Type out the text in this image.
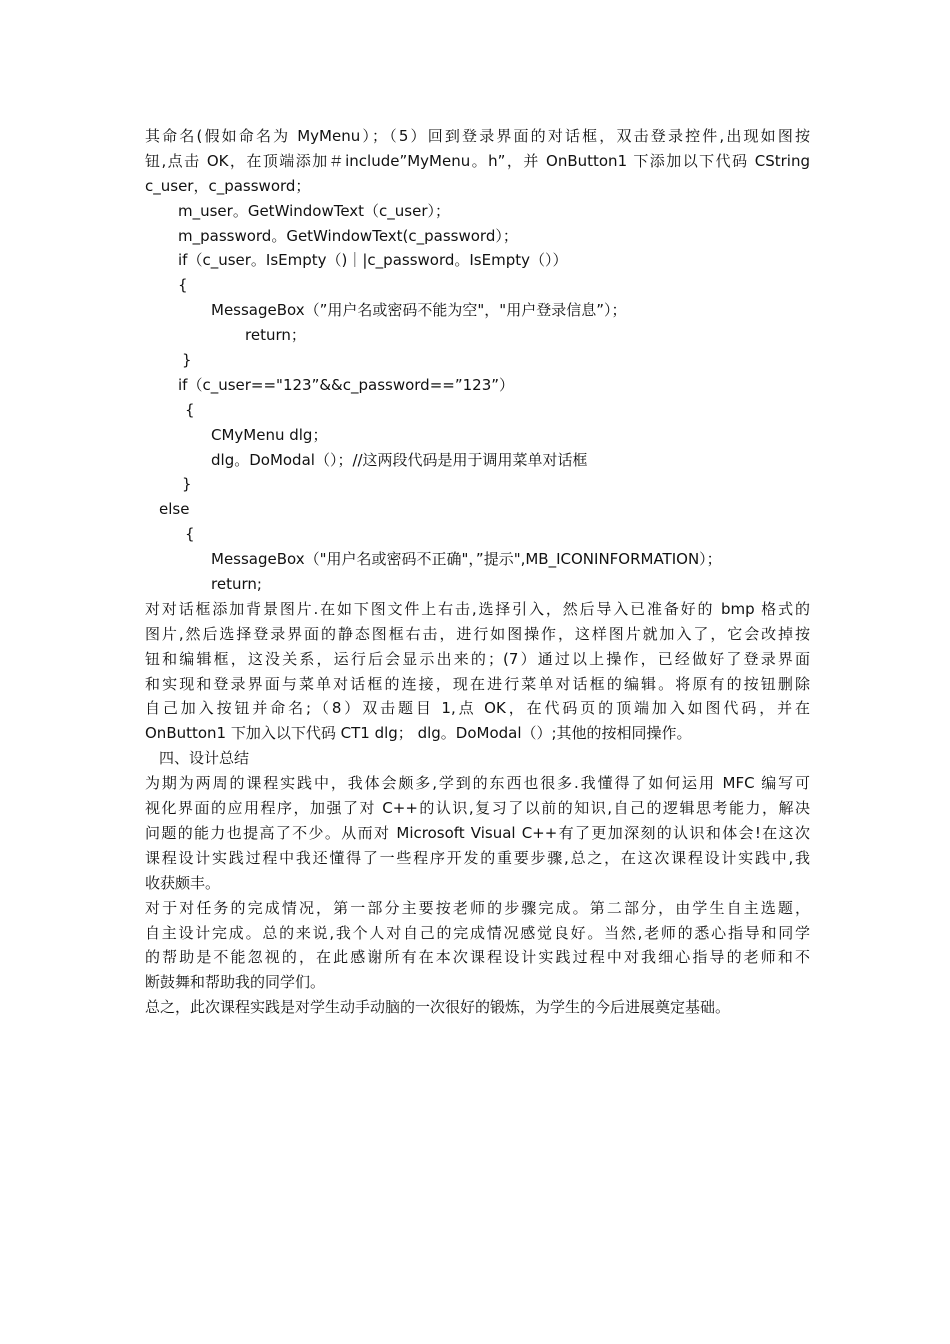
其命名(假如命名为 MyMenu）；（5）回到登录界面的对话框，双击登录控件,出现如图按
钮,点击 OK，在顶端添加＃include”MyMenu。h”，并 OnButton1 下添加以下代码 CString
c_user，c_password；
m_user。GetWindowText（c_user）；
m_password。GetWindowText(c_password）；
if（c_user。IsEmpty（)｜|c_password。IsEmpty（））
{
MessageBox（”用户名或密码不能为空"，"用户登录信息”）；
return；
}
if（c_user=="123”&&c_password==”123”）
{
CMyMenu dlg；
dlg。DoModal（）；//这两段代码是用于调用菜单对话框
}
else
{
MessageBox（"用户名或密码不正确"，”提示",MB_ICONINFORMATION）；
return;
对对话框添加背景图片.在如下图文件上右击,选择引入，然后导入已准备好的 bmp 格式的
图片,然后选择登录界面的静态图框右击，进行如图操作，这样图片就加入了，它会改掉按
钮和编辑框，这没关系，运行后会显示出来的；(7）通过以上操作，已经做好了登录界面
和实现和登录界面与菜单对话框的连接，现在进行菜单对话框的编辑。将原有的按钮删除
自己加入按钮并命名;（8）双击题目 1,点 OK，在代码页的顶端加入如图代码，并在
OnButton1 下加入以下代码 CT1 dlg； dlg。DoModal（）;其他的按相同操作。
四、设计总结
为期为两周的课程实践中，我体会颇多,学到的东西也很多.我懂得了如何运用 MFC 编写可
视化界面的应用程序，加强了对 C++的认识,复习了以前的知识,自己的逻辑思考能力，解决
问题的能力也提高了不少。从而对 Microsoft Visual C++有了更加深刻的认识和体会!在这次
课程设计实践过程中我还懂得了一些程序开发的重要步骤,总之，在这次课程设计实践中,我
收获颇丰。
对于对任务的完成情况，第一部分主要按老师的步骤完成。第二部分，由学生自主选题，
自主设计完成。总的来说,我个人对自己的完成情况感觉良好。当然,老师的悉心指导和同学
的帮助是不能忽视的，在此感谢所有在本次课程设计实践过程中对我细心指导的老师和不
断鼓舞和帮助我的同学们。
总之，此次课程实践是对学生动手动脑的一次很好的锻炼，为学生的今后进展奠定基础。
